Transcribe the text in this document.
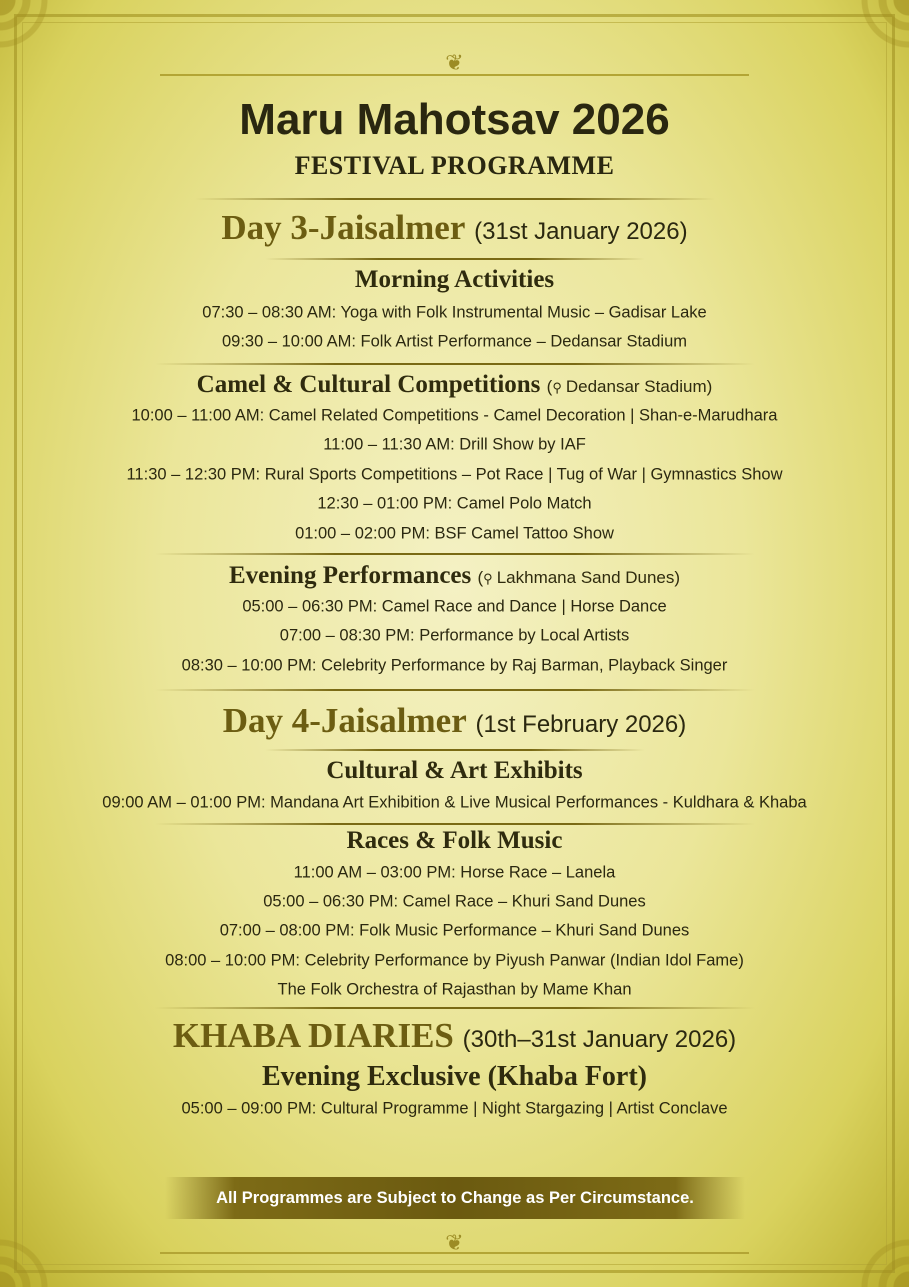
❦
❦
Maru Mahotsav 2026
FESTIVAL PROGRAMME
Day 3-Jaisalmer (31st January 2026)
Morning Activities
07:30 – 08:30 AM: Yoga with Folk Instrumental Music – Gadisar Lake
09:30 – 10:00 AM: Folk Artist Performance – Dedansar Stadium
Camel & Cultural Competitions (⚲ Dedansar Stadium)
10:00 – 11:00 AM: Camel Related Competitions - Camel Decoration | Shan-e-Marudhara
11:00 – 11:30 AM: Drill Show by IAF
11:30 – 12:30 PM: Rural Sports Competitions – Pot Race | Tug of War | Gymnastics Show
12:30 – 01:00 PM: Camel Polo Match
01:00 – 02:00 PM: BSF Camel Tattoo Show
Evening Performances (⚲ Lakhmana Sand Dunes)
05:00 – 06:30 PM: Camel Race and Dance | Horse Dance
07:00 – 08:30 PM: Performance by Local Artists
08:30 – 10:00 PM: Celebrity Performance by Raj Barman, Playback Singer
Day 4-Jaisalmer (1st February 2026)
Cultural & Art Exhibits
09:00 AM – 01:00 PM: Mandana Art Exhibition & Live Musical Performances - Kuldhara & Khaba
Races & Folk Music
11:00 AM – 03:00 PM: Horse Race – Lanela
05:00 – 06:30 PM: Camel Race – Khuri Sand Dunes
07:00 – 08:00 PM: Folk Music Performance – Khuri Sand Dunes
08:00 – 10:00 PM: Celebrity Performance by Piyush Panwar (Indian Idol Fame)
The Folk Orchestra of Rajasthan by Mame Khan
KHABA DIARIES (30th–31st January 2026)
Evening Exclusive (Khaba Fort)
05:00 – 09:00 PM: Cultural Programme | Night Stargazing | Artist Conclave
All Programmes are Subject to Change as Per Circumstance.
